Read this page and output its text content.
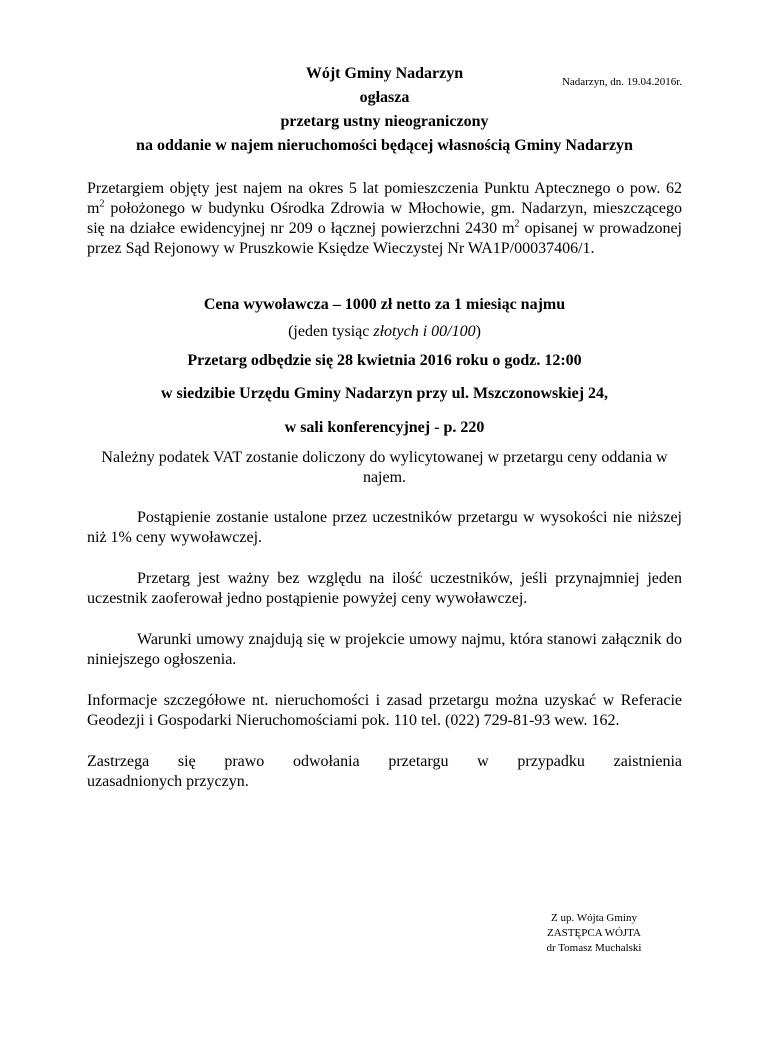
Nadarzyn, dn. 19.04.2016r.
Wójt Gminy Nadarzyn
ogłasza
przetarg ustny nieograniczony
na oddanie w najem nieruchomości będącej własnością Gminy Nadarzyn

Przetargiem objęty jest najem na okres 5 lat pomieszczenia Punktu Aptecznego o pow. 62 $m^2$ położonego w budynku Ośrodka Zdrowia w Młochowie, gm. Nadarzyn, mieszczącego się na działce ewidencyjnej nr 209 o łącznej powierzchni 2430 $m^2$ opisanej w prowadzonej przez Sąd Rejonowy w Pruszkowie Księdze Wieczystej Nr WA1P/00037406/1.

Cena wywoławcza – 1000 zł netto za 1 miesiąc najmu
(jeden tysiąc złotych i 00/100)
Przetarg odbędzie się 28 kwietnia 2016 roku o godz. 12:00
w siedzibie Urzędu Gminy Nadarzyn przy ul. Mszczonowskiej 24,
w sali konferencyjnej - p. 220
Należny podatek VAT zostanie doliczony do wylicytowanej w przetargu ceny oddania w najem.

Postąpienie zostanie ustalone przez uczestników przetargu w wysokości nie niższej niż 1% ceny wywoławczej.

Przetarg jest ważny bez względu na ilość uczestników, jeśli przynajmniej jeden uczestnik zaoferował jedno postąpienie powyżej ceny wywoławczej.

Warunki umowy znajdują się w projekcie umowy najmu, która stanowi załącznik do niniejszego ogłoszenia.

Informacje szczegółowe nt. nieruchomości i zasad przetargu można uzyskać w Referacie Geodezji i Gospodarki Nieruchomościami pok. 110 tel. (022) 729-81-93 wew. 162.

Zastrzega się prawo odwołania przetargu w przypadku zaistnienia

uzasadnionych przyczyn.

Z up. Wójta Gminy
ZASTĘPCA WÓJTA
dr Tomasz Muchalski
